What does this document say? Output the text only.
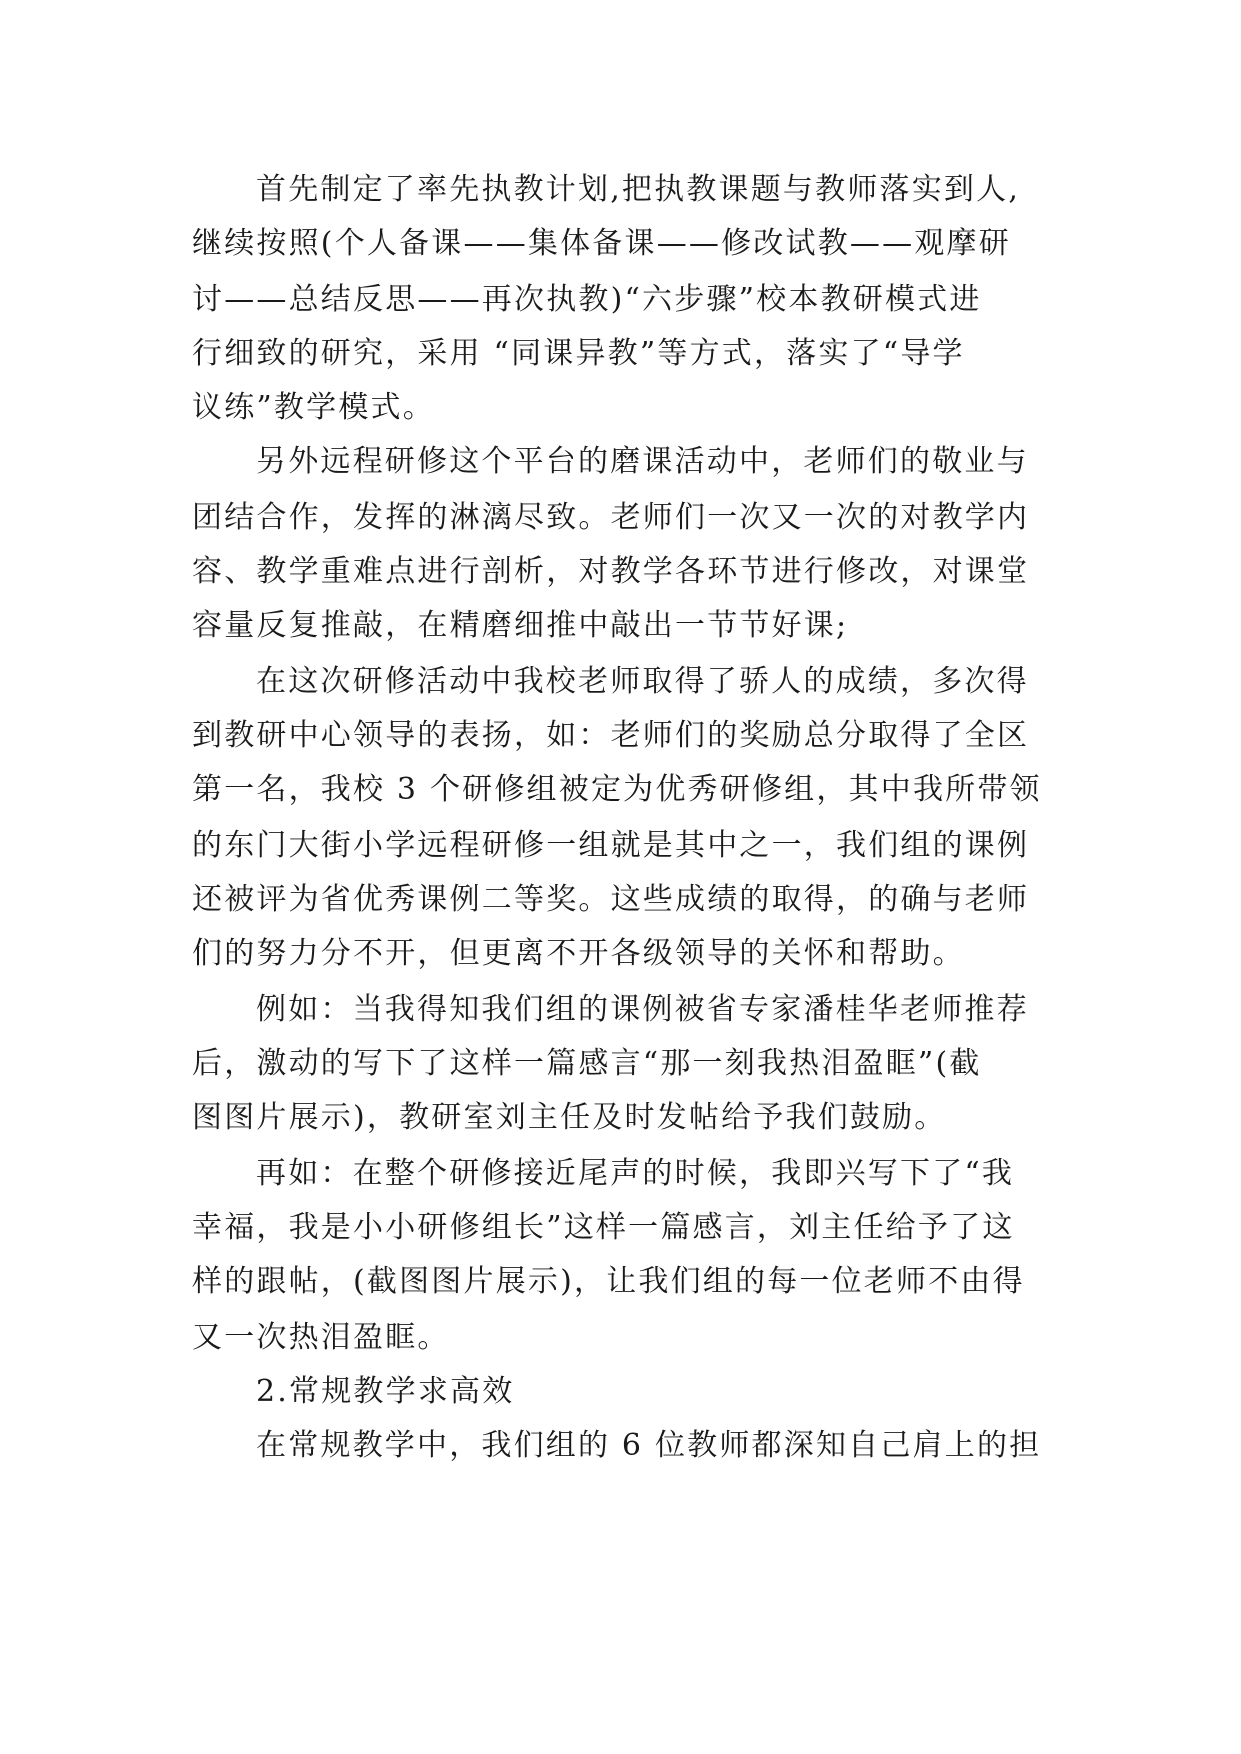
首先制定了率先执教计划,把执教课题与教师落实到人,
继续按照(个人备课——集体备课——修改试教——观摩研
讨——总结反思——再次执教)“六步骤”校本教研模式进
行细致的研究，采用 “同课异教”等方式，落实了“导学
议练”教学模式。
另外远程研修这个平台的磨课活动中，老师们的敬业与
团结合作，发挥的淋漓尽致。老师们一次又一次的对教学内
容、教学重难点进行剖析，对教学各环节进行修改，对课堂
容量反复推敲，在精磨细推中敲出一节节好课;
在这次研修活动中我校老师取得了骄人的成绩，多次得
到教研中心领导的表扬，如：老师们的奖励总分取得了全区
第一名，我校 3 个研修组被定为优秀研修组，其中我所带领
的东门大街小学远程研修一组就是其中之一，我们组的课例
还被评为省优秀课例二等奖。这些成绩的取得，的确与老师
们的努力分不开，但更离不开各级领导的关怀和帮助。
例如：当我得知我们组的课例被省专家潘桂华老师推荐
后，激动的写下了这样一篇感言“那一刻我热泪盈眶”(截
图图片展示)，教研室刘主任及时发帖给予我们鼓励。
再如：在整个研修接近尾声的时候，我即兴写下了“我
幸福，我是小小研修组长”这样一篇感言，刘主任给予了这
样的跟帖，(截图图片展示)，让我们组的每一位老师不由得
又一次热泪盈眶。
2.常规教学求高效
在常规教学中，我们组的 6 位教师都深知自己肩上的担
